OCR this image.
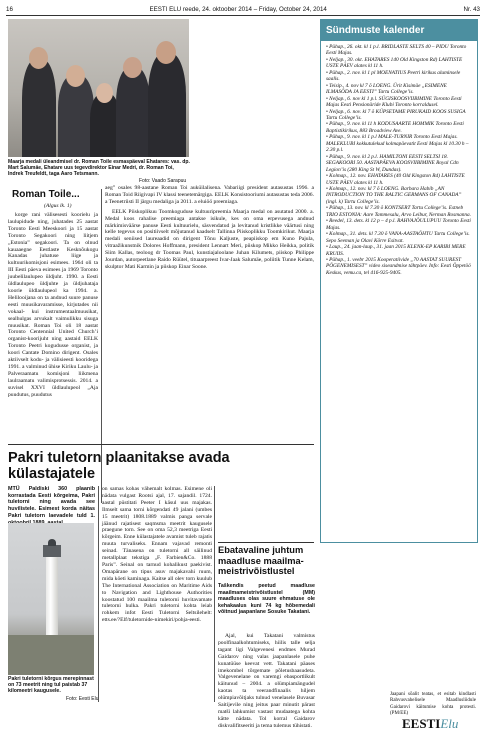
16	EESTI ELU reede, 24. oktoober 2014 – Friday, October 24, 2014	Nr. 43
Maarja medali üleandmisel dr. Roman Toile esmaspäeval Ehatares: vas. dp. Mart Salumäe, Ehatare uus tegevdirektor Einar Medri, dr. Roman Toi, Indrek Treufeldt, taga Aaro Tetsmann.
Foto: Vaado Sarapuu
Roman Toile...
(Algus lk. 1)

korge rani välisesesti koorielu ja laulupidude ning, juhatades 25 aastat Toronto Eesti Meeskoori ja 15 aastat Toronto Segakoori ning liitjem „Estonia” segakoori. Ta on olnud kauaaegne Eestlaste Kesknõukogu Kanadas juhatuse liige ja kultuurikomisjoni esimees. 1964 oli ta III Eesti päeva esimees ja 1969 Toronto juubelilaulupeo üldjuht. 1990. a Eesti üldlaulupeo üldjuhte ja üldjuhataja koorie üldlaulupeol ka 1994. a. Helilooijana on ta andnud suure panuse eesti muusikavaramisse, kirjutades nii vokaal- kui instrumentaalmuusikat, sealhulgas arvukalt vaimulikku sisuga muusikat. Roman Toi oli 18 aastat Toronto Centennial United Church’i organist-koorijuht ning aastaid EELK Toronto Peetri kogudusse organist, ja koori Cantate Domino dirigent. Osales aktiivselt kodu- ja välisieesti kooridega 1991. a valminud ühise Kiriku Laulu- ja Palveraamatu komisjoni liikmena laulraamatu valimisprotsessis. 2014. a suvisel XXVI üldlaulupeol „Aja puudutus, puudutus

aeg” osales 98-aastane Roman Toi auküilalisena. Vabariigi president autasustas 1996. a Roman Toid Riigivapi IV klassi teenetemärgiga. EELK Konsistooriumi autasustas teda 2006. a Teenetriisti II järgu medaliga ja 2011. a eluiöö preemiaga.

EELK Piiskoplikuu Toomkoguduse kultuuripreemia Maarja medal on asutatud 2000. a. Medal koos rahalise preemiaga antakse isikule, kes on oma erpevusega andnud märkimisväärse panuse Eesti kultuurielu, säsvendatud ja levitanud kristlikke väärtusi ning kelle tegevus on positiivselt mõjutanud kaadselt Tallinna Piiskoplikku Toomkirikut. Maarja medali seniised laureaadid on dirigent Tõnu Kaljuste, peapiiskop em Kuno Pajula, vitraažikunstnik Dolores Hoffmann, president Lennart Meri, piiskop Mikko Heikka, politik Siim Kallas, teoloog dr Toomas Paul, kunstiajaloolane Juhan Kilumets, piiskop Philippe Jourdan, autorpeetlane Raido Rüütel, tituaarpreest Ivar-Jaak Salumäe, poliitik Tunne Kelam, skulptor Mati Karmin ja piiskop Einar Soone.

Sündmuste kalender
• Pühap., 26. okt. kl 1 p.l. BRIDLASTE SELTS 40 – PIDU Toronto Eesti Majas.
• Neljap., 30. okt. EHATARES 140 Old Kingston Rd) LAHTISTE USTE PÄEV alates kl 11 h.
• Pühap., 2. nov. kl 1 pl MOENATIUS Peetri kirikus aluminsele saalis.
• Teisip., 4. nov kl 7 õ LOENG. Ürit Kisimäe „ESIMENE ILMASÕDA JA EESTI” Tartu College’is.
• Neljap., 6. nov kl 1 p.l. SÜGISKOOSVIIBIMINE Toronto Eesti Majas Eesti Pensionäride Klubi Toronto korraldusel.
• Neljap., 6. nov. kl 7 õ KÜPSETAME PIRUKAID KOOS SUSIGA Tartu College’is.
• Pühap., 9. nov. kl 11 h KODUSAARTE HOMMIK Toronto Eesti Baptistikirikus, 883 Broadview Ave.
• Pühap., 9. nov. kl 1 p.l MALE-TURNIR Toronto Eesti Majas. MALEKLUBI kokkutulekud kolmapäevatit Eesti Majas kl 10.30 h – 2.30 p.l.
• Pühap., 9. nov. kl 2 p.l. HAMILTONI EESTI SELTSI 18. SEGAKOORI 50. AASTAPÄEVA KOOSVIIBIMINE Royal Cdn Legion’is (280 King St W, Dundas).
• Kolmap., 12. nov. EHATARES (40 Old Kingston Rd) LAHTISTE USTE PÄEV alates kl 11 h.
• Kolmap., 12. nov. kl 7 õ LOENG. Barbara Habib „AN INTRODUCTION TO THE BALTIC GERMANS OF CANADA” (ingl. k) Tartu College’is.
• Pühap., 13. nov. kl 7.30 õ KONTSERT Tartu College’is. Estneb TRIO ESTONIA: Aare Tammesalu, Arvo Leibur, Nerman Rosmanna.
• Reedel, 13. dets. kl 12 p – 4 p.l. RAHVAJÕULUPUU Toronto Eesti Majas.
• Kolmap., 31. dets. kl 7.30 õ VANA-AASTAÕHTU Tartu College’is. Sepo Seeman ja Olavi Kõrre Esitvat.
• Laup., 24. jaan-laup., 31. jaan 2015 KLENK-EP KARIBI MERE KRUIIS.
• Pühap., 1. veebr 2015 Kooperatiivide „70 AASTAT SUUREST PÕGENEMISEST” video siseandmise tähtpäev. Info: Eesti Õppetöö Keskus, vemu.ca, tel 416-925-9405.
Pakri tuletorn plaanitakse avada külastajatele
MTÜ Paldiski 360 plaanib korrastada Eesti kõrgeima, Pakri tuletorni ning avada see huvilistele. Esimest korda näitas Pakri tuletorn laevadele tuld 1.
Pakri tuletorni kõrgus merepinnast on 73 meetrit ning tul paistab 37 kilomeetri kaugusele.
Foto: Eesti Elu

on samas kohas vähemalt kolmas. Esimene oli nädata vulgast Rootsi ajal, 17. sajandil. 1724. aastal püstitati Peeter I käsul uus majakas. Ilmselt sama torni kõrgendati 49 jalani (umbes 15 meetrit) 1808.1889 valmis panga servale jäänud rajatisest saqmsma meetrit kaugusele praegune torn. See on oma 52,3 meetriga Eesti kõrgeim. Enne külastajatele avamist tuleb rajatis muuta turvaliseks. Ennam vajavad remonti seinad. Tänasena on tuletorni all säilinud metallplaat tekstiga „F. Farbien&Co. 1888 Paris”. Seinal on tarnud kohalikust paekivist. Omapärane on tipus asuv majakavahi ruum, mida köeti kaminaga. Kaitse all olev torn kuulub The International Association on Maritime Aids to Navigation and Lighthouse Authorities koostatud 100 maailma tuletorni huvitavamate tuletorni hulka. Pakri tuletorni kohta leiab rohkem infot Eesti Tuletorni Seltsilehelt: etts.ee/?Elf/tuletornide-nimekiri/pohja-eesti.

Ebatavaline juhtum maadluse maailma- meistrivõistlustel
Taškendis peetud maadluse maailmameistrivõistlustel (MM) maadluses olas suure ehmatuse ole kehakaalus kuni 74 kg hõbemedali võitnud jaapanlane Sosuke Takatani.

Ajal, kui Takatani valmistus poolfinaalkohtumiseks, hiilis talle selja tagant ligi Valgevenesi endmes Murad Gaidarov ning valas jaapanlasele puhe kunatüüse keevat vett. Takatani päases imekombel tõrgemate põletusbaasudeta. Valgevenelane on varemgi ebasportlikult käitunud – 2004. a olümpiamängudel kaotas ta veerandfinaalis hiljem olümpiavõitjaks tulnud venelasele Buvasar Saitijevile ning jeitus paar minutit pärast matši lahkumist vastast mudaatega kohta kätte nädata. Tol korral Gaidarov diskvalifitseeriti ja tema tulemus tühistati.

Jaapani sõalit teatas, et esitab kindlasti Rahvusvahelisele Maadlusliidule Gaidarovi käitumise kohta protesti. (PM/EE)
EESTIElu
